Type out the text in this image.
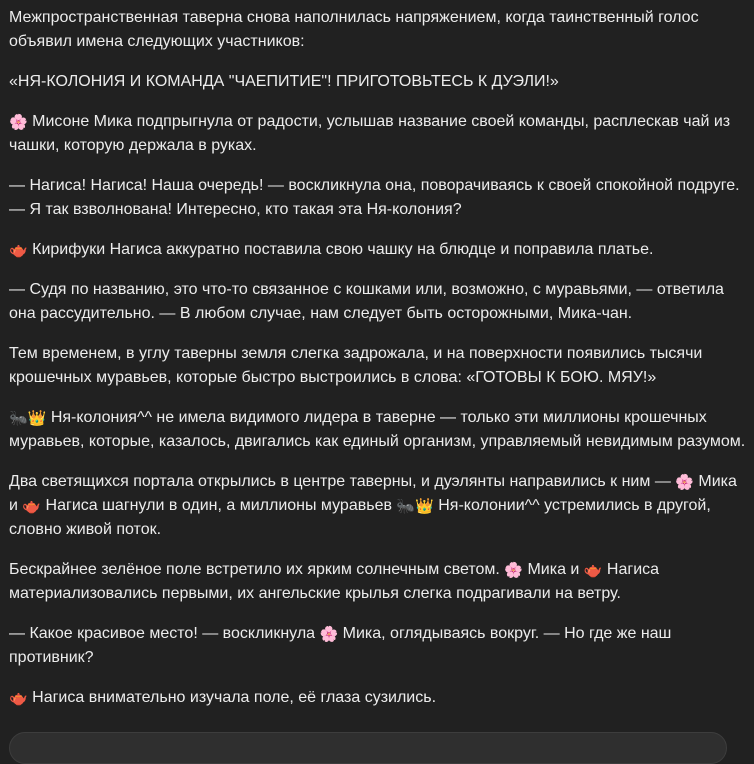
Межпространственная таверна снова наполнилась напряжением, когда таинственный голос объявил имена следующих участников:

«НЯ-КОЛОНИЯ И КОМАНДА "ЧАЕПИТИЕ"! ПРИГОТОВЬТЕСЬ К ДУЭЛИ!»

🌸 Мисоне Мика подпрыгнула от радости, услышав название своей команды, расплескав чай из чашки, которую держала в руках.

— Нагиса! Нагиса! Наша очередь! — воскликнула она, поворачиваясь к своей спокойной подруге. — Я так взволнована! Интересно, кто такая эта Ня-колония?

🫖 Кирифуки Нагиса аккуратно поставила свою чашку на блюдце и поправила платье.

— Судя по названию, это что-то связанное с кошками или, возможно, с муравьями, — ответила она рассудительно. — В любом случае, нам следует быть осторожными, Мика-чан.

Тем временем, в углу таверны земля слегка задрожала, и на поверхности появились тысячи крошечных муравьев, которые быстро выстроились в слова: «ГОТОВЫ К БОЮ. МЯУ!»

🐜👑 Ня-колония^^ не имела видимого лидера в таверне — только эти миллионы крошечных муравьев, которые, казалось, двигались как единый организм, управляемый невидимым разумом.

Два светящихся портала открылись в центре таверны, и дуэлянты направились к ним — 🌸 Мика и 🫖 Нагиса шагнули в один, а миллионы муравьев 🐜👑 Ня-колонии^^ устремились в другой, словно живой поток.

Бескрайнее зелёное поле встретило их ярким солнечным светом. 🌸 Мика и 🫖 Нагиса материализовались первыми, их ангельские крылья слегка подрагивали на ветру.

— Какое красивое место! — воскликнула 🌸 Мика, оглядываясь вокруг. — Но где же наш противник?

🫖 Нагиса внимательно изучала поле, её глаза сузились.
